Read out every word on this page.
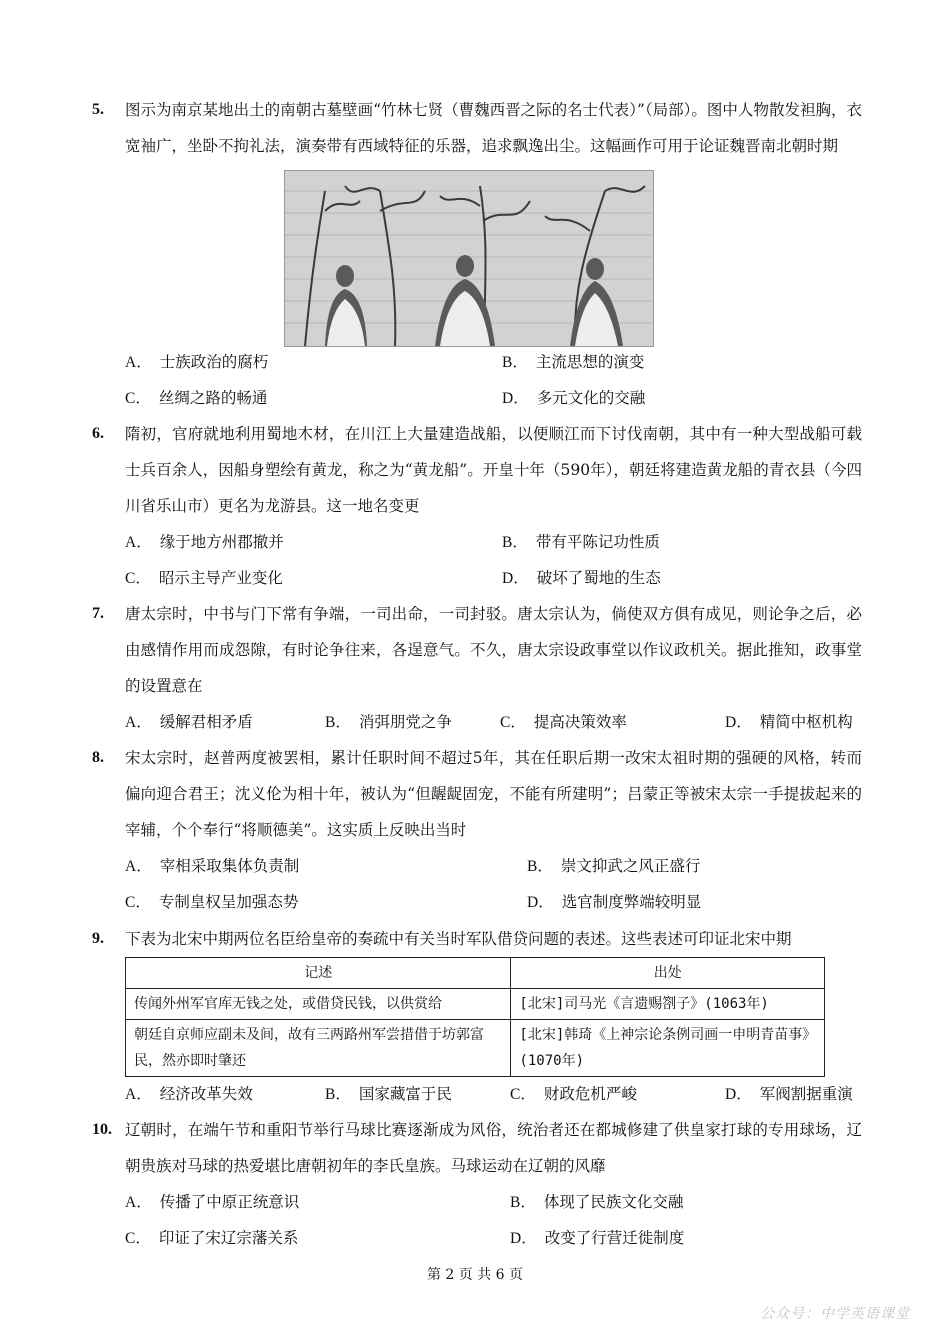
5. 图示为南京某地出土的南朝古墓壁画“竹林七贤（曹魏西晋之际的名士代表）”（局部）。图中人物散发袒胸，衣宽袖广，坐卧不拘礼法，演奏带有西域特征的乐器，追求飘逸出尘。这幅画作可用于论证魏晋南北朝时期
A． 士族政治的腐朽	B． 主流思想的演变
C． 丝绸之路的畅通	D． 多元文化的交融
6. 隋初，官府就地利用蜀地木材，在川江上大量建造战船，以便顺江而下讨伐南朝，其中有一种大型战船可载士兵百余人，因船身塑绘有黄龙，称之为“黄龙船”。开皇十年（590年），朝廷将建造黄龙船的青衣县（今四川省乐山市）更名为龙游县。这一地名变更
A． 缘于地方州郡撤并	B． 带有平陈记功性质
C． 昭示主导产业变化	D． 破坏了蜀地的生态
7. 唐太宗时，中书与门下常有争端，一司出命，一司封驳。唐太宗认为，倘使双方俱有成见，则论争之后，必由感情作用而成怨隙，有时论争往来，各逞意气。不久，唐太宗设政事堂以作议政机关。据此推知，政事堂的设置意在
A． 缓解君相矛盾	B． 消弭朋党之争	C． 提高决策效率	D． 精简中枢机构
8. 宋太宗时，赵普两度被罢相，累计任职时间不超过5年，其在任职后期一改宋太祖时期的强硬的风格，转而偏向迎合君王；沈义伦为相十年，被认为“但龌龊固宠，不能有所建明”；吕蒙正等被宋太宗一手提拔起来的宰辅，个个奉行“将顺德美”。这实质上反映出当时
A． 宰相采取集体负责制	B． 崇文抑武之风正盛行
C． 专制皇权呈加强态势	D． 选官制度弊端较明显
9. 下表为北宋中期两位名臣给皇帝的奏疏中有关当时军队借贷问题的表述。这些表述可印证北宋中期
记述	出处
传闻外州军官库无钱之处，或借贷民钱，以供赏给	[北宋]司马光《言遗赐劄子》(1063年)
朝廷自京师应副未及间，故有三两路州军尝措借于坊郭富民，然亦即时肇还	[北宋]韩琦《上神宗论条例司画一申明青苗事》(1070年)
A． 经济改革失效	B． 国家藏富于民	C． 财政危机严峻	D． 军阀割据重演
10. 辽朝时，在端午节和重阳节举行马球比赛逐渐成为风俗，统治者还在都城修建了供皇家打球的专用球场，辽朝贵族对马球的热爱堪比唐朝初年的李氏皇族。马球运动在辽朝的风靡
A． 传播了中原正统意识	B． 体现了民族文化交融
C． 印证了宋辽宗藩关系	D． 改变了行营迁徙制度
第 2 页 共 6 页
公众号：中学英语课堂
